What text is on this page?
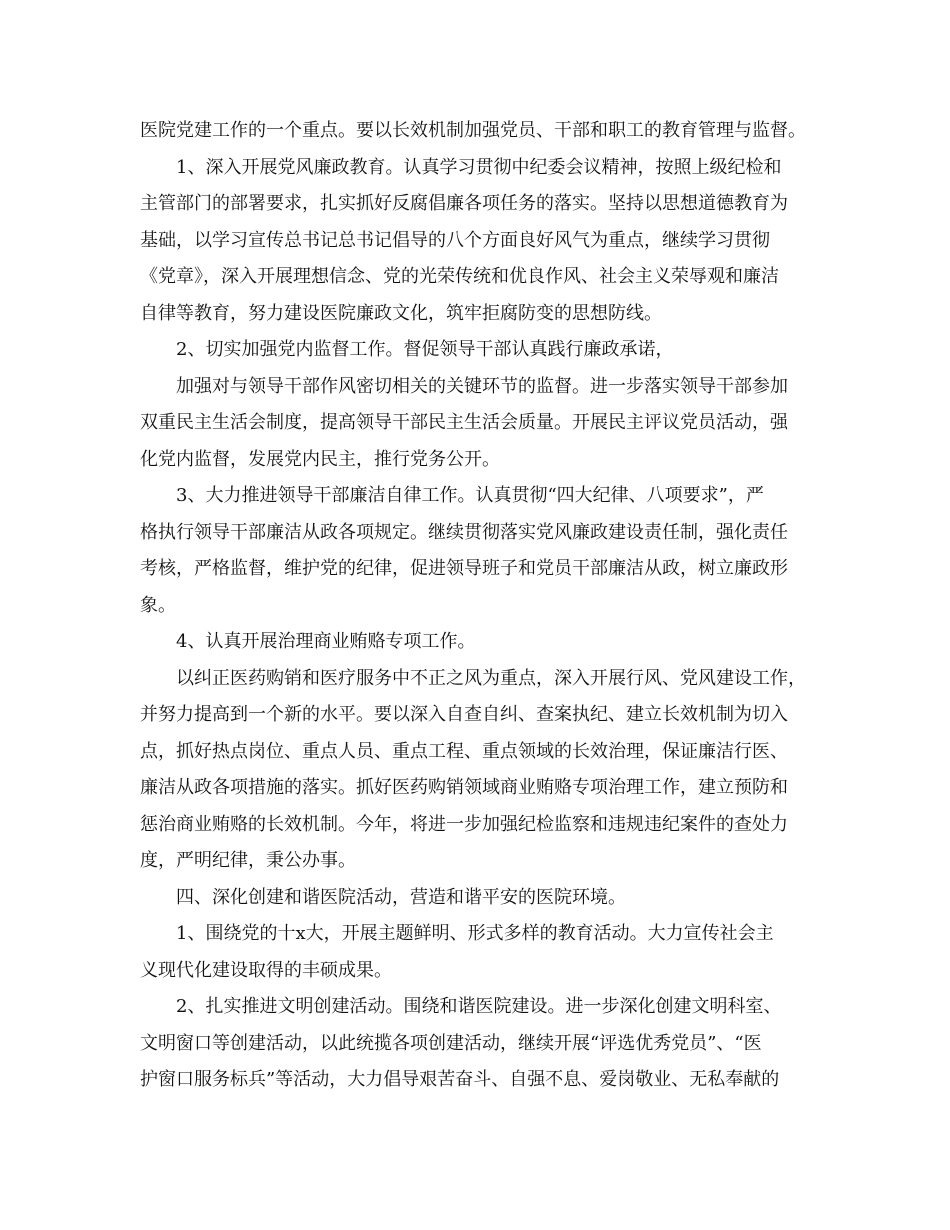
医院党建工作的一个重点。要以长效机制加强党员、干部和职工的教育管理与监督。
1、深入开展党风廉政教育。认真学习贯彻中纪委会议精神，按照上级纪检和
主管部门的部署要求，扎实抓好反腐倡廉各项任务的落实。坚持以思想道德教育为
基础，以学习宣传总书记总书记倡导的八个方面良好风气为重点，继续学习贯彻
《党章》，深入开展理想信念、党的光荣传统和优良作风、社会主义荣辱观和廉洁
自律等教育，努力建设医院廉政文化，筑牢拒腐防变的思想防线。
2、切实加强党内监督工作。督促领导干部认真践行廉政承诺，
加强对与领导干部作风密切相关的关键环节的监督。进一步落实领导干部参加
双重民主生活会制度，提高领导干部民主生活会质量。开展民主评议党员活动，强
化党内监督，发展党内民主，推行党务公开。
3、大力推进领导干部廉洁自律工作。认真贯彻“四大纪律、八项要求”，严
格执行领导干部廉洁从政各项规定。继续贯彻落实党风廉政建设责任制，强化责任
考核，严格监督，维护党的纪律，促进领导班子和党员干部廉洁从政，树立廉政形
象。
4、认真开展治理商业贿赂专项工作。
以纠正医药购销和医疗服务中不正之风为重点，深入开展行风、党风建设工作，
并努力提高到一个新的水平。要以深入自查自纠、查案执纪、建立长效机制为切入
点，抓好热点岗位、重点人员、重点工程、重点领域的长效治理，保证廉洁行医、
廉洁从政各项措施的落实。抓好医药购销领域商业贿赂专项治理工作，建立预防和
惩治商业贿赂的长效机制。今年，将进一步加强纪检监察和违规违纪案件的查处力
度，严明纪律，秉公办事。
四、深化创建和谐医院活动，营造和谐平安的医院环境。
1、围绕党的十x大，开展主题鲜明、形式多样的教育活动。大力宣传社会主
义现代化建设取得的丰硕成果。
2、扎实推进文明创建活动。围绕和谐医院建设。进一步深化创建文明科室、
文明窗口等创建活动，以此统揽各项创建活动，继续开展“评选优秀党员”、“医
护窗口服务标兵”等活动，大力倡导艰苦奋斗、自强不息、爱岗敬业、无私奉献的
